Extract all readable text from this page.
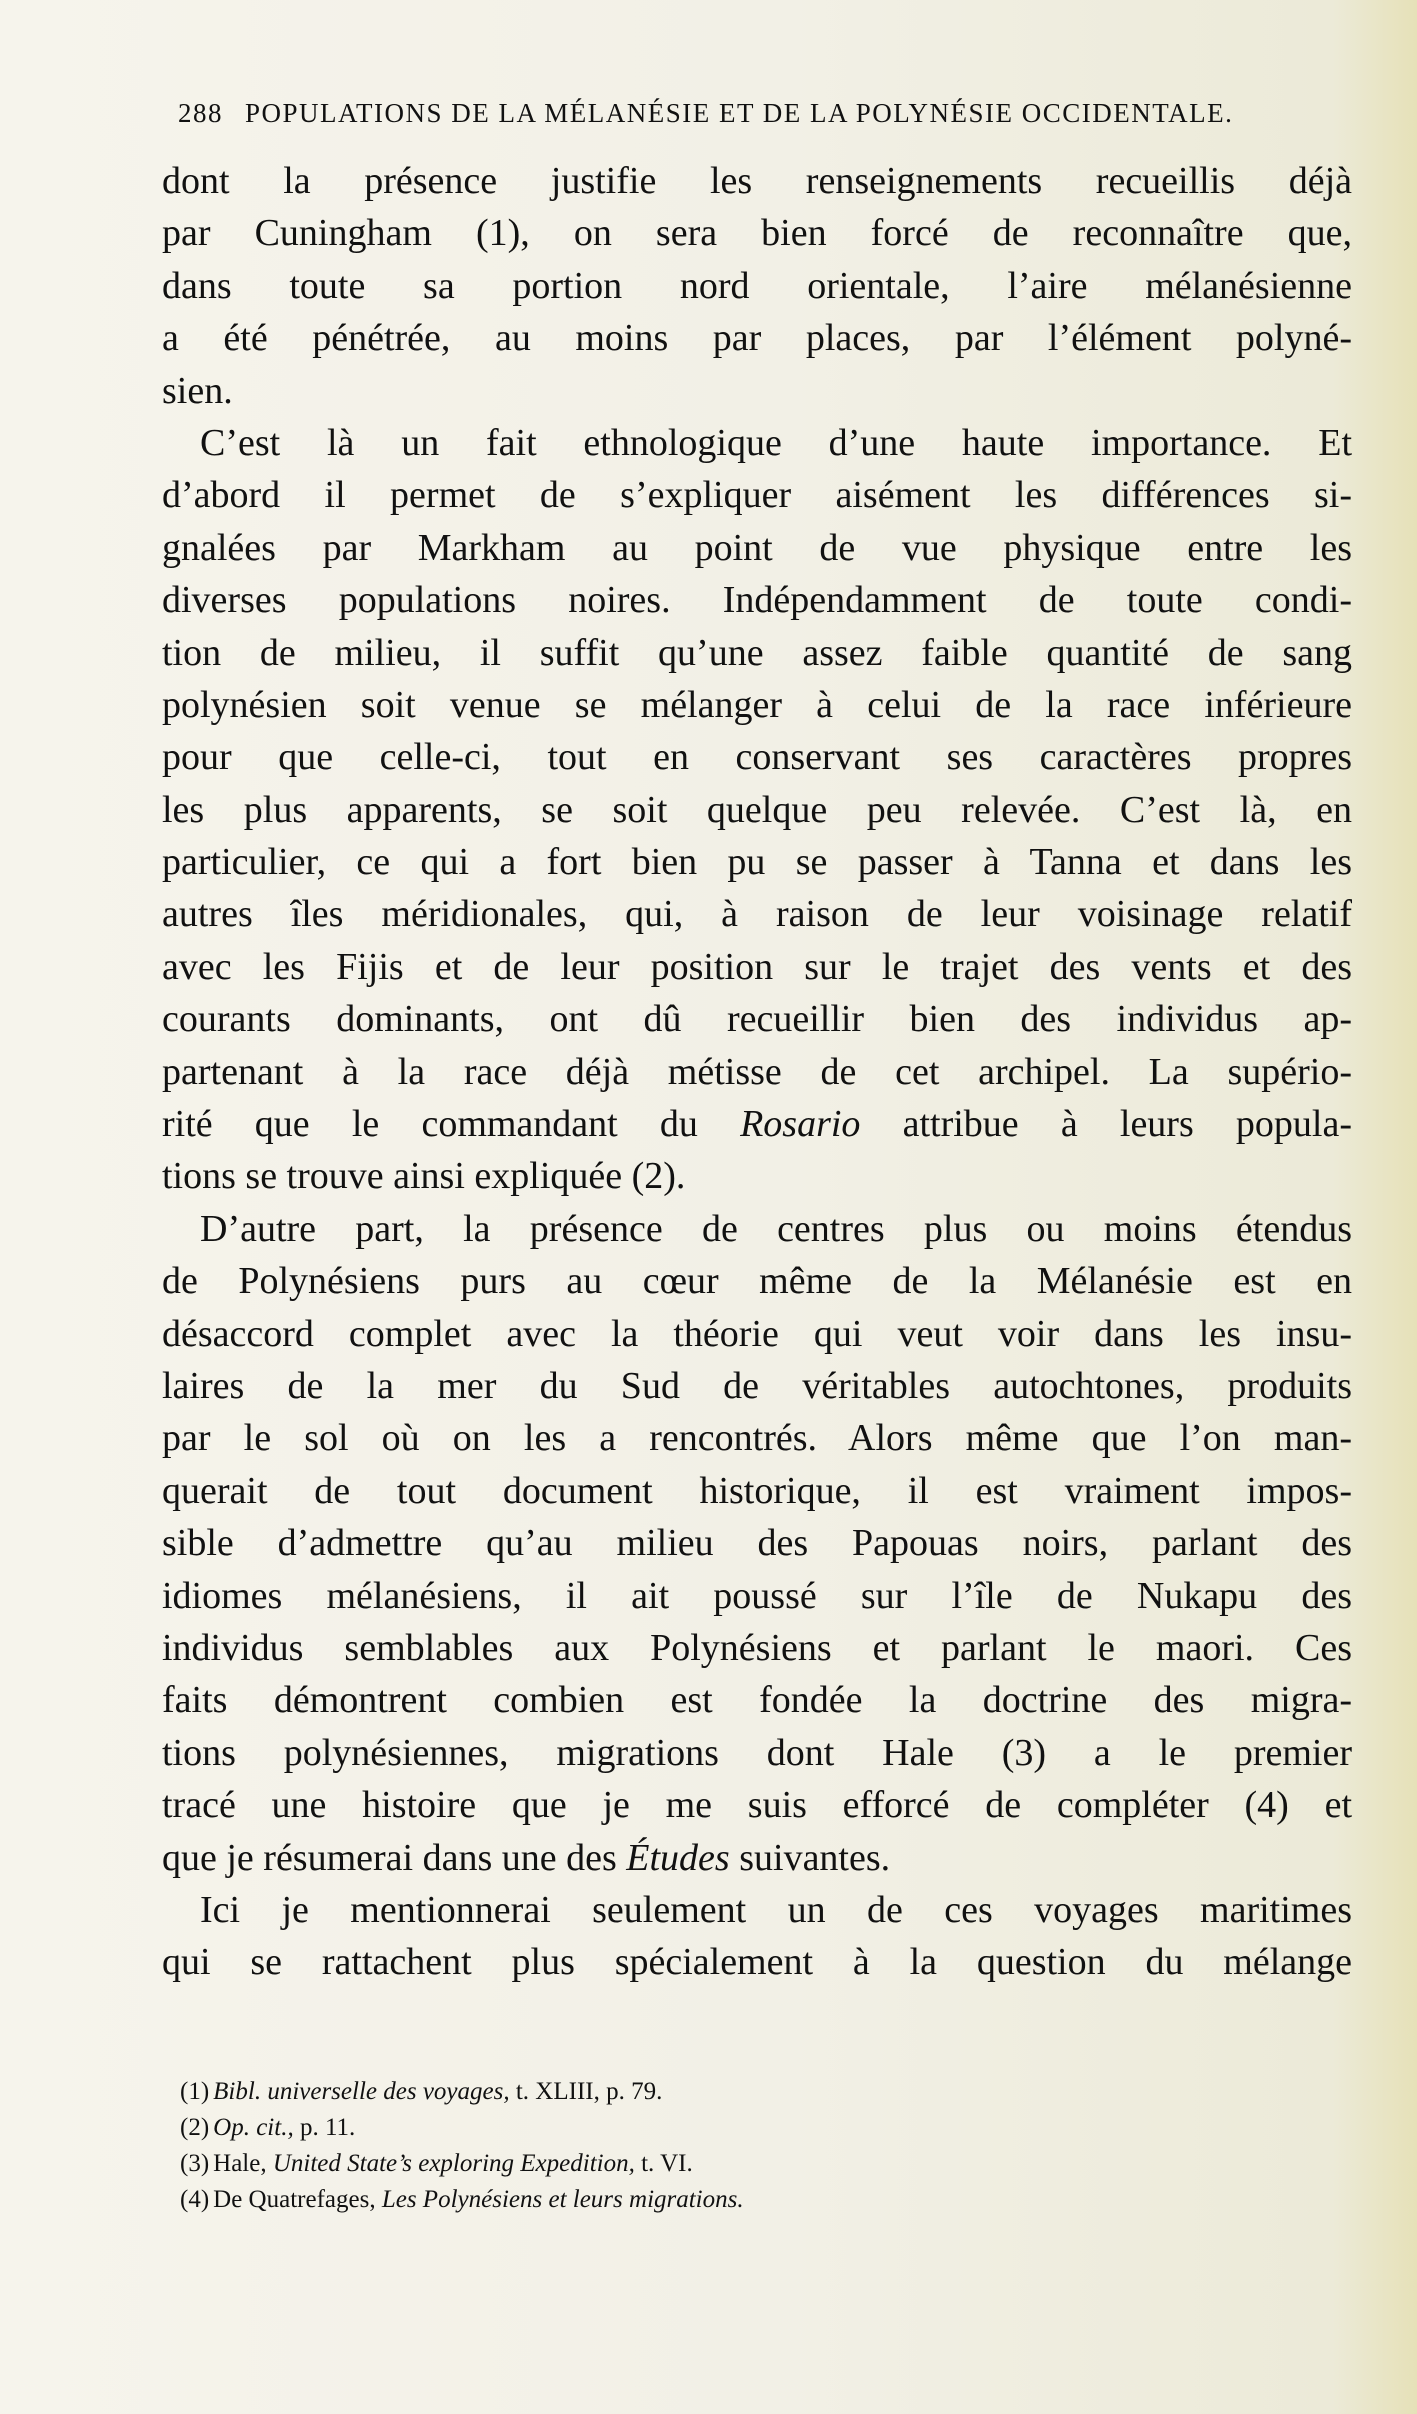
288 POPULATIONS DE LA MÉLANÉSIE ET DE LA POLYNÉSIE OCCIDENTALE.
dont la présence justifie les renseignements recueillis déjà
par Cuningham (1), on sera bien forcé de reconnaître que,
dans toute sa portion nord orientale, l’aire mélanésienne
a été pénétrée, au moins par places, par l’élément polyné-
sien.
C’est là un fait ethnologique d’une haute importance. Et
d’abord il permet de s’expliquer aisément les différences si-
gnalées par Markham au point de vue physique entre les
diverses populations noires. Indépendamment de toute condi-
tion de milieu, il suffit qu’une assez faible quantité de sang
polynésien soit venue se mélanger à celui de la race inférieure
pour que celle-ci, tout en conservant ses caractères propres
les plus apparents, se soit quelque peu relevée. C’est là, en
particulier, ce qui a fort bien pu se passer à Tanna et dans les
autres îles méridionales, qui, à raison de leur voisinage relatif
avec les Fijis et de leur position sur le trajet des vents et des
courants dominants, ont dû recueillir bien des individus ap-
partenant à la race déjà métisse de cet archipel. La supério-
rité que le commandant du Rosario attribue à leurs popula-
tions se trouve ainsi expliquée (2).
D’autre part, la présence de centres plus ou moins étendus
de Polynésiens purs au cœur même de la Mélanésie est en
désaccord complet avec la théorie qui veut voir dans les insu-
laires de la mer du Sud de véritables autochtones, produits
par le sol où on les a rencontrés. Alors même que l’on man-
querait de tout document historique, il est vraiment impos-
sible d’admettre qu’au milieu des Papouas noirs, parlant des
idiomes mélanésiens, il ait poussé sur l’île de Nukapu des
individus semblables aux Polynésiens et parlant le maori. Ces
faits démontrent combien est fondée la doctrine des migra-
tions polynésiennes, migrations dont Hale (3) a le premier
tracé une histoire que je me suis efforcé de compléter (4) et
que je résumerai dans une des Études suivantes.
Ici je mentionnerai seulement un de ces voyages maritimes
qui se rattachent plus spécialement à la question du mélange
(1) Bibl. universelle des voyages, t. XLIII, p. 79.
(2) Op. cit., p. 11.
(3) Hale, United State’s exploring Expedition, t. VI.
(4) De Quatrefages, Les Polynésiens et leurs migrations.
